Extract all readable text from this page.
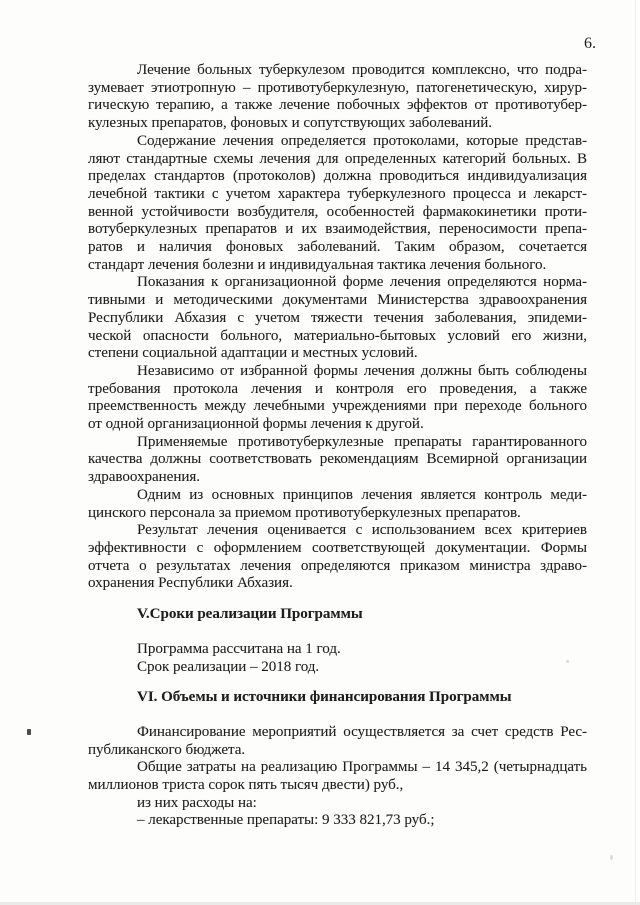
6.
Лечение больных туберкулезом проводится комплексно, что подра-
зумевает этиотропную – противотуберкулезную, патогенетическую, хирур-
гическую терапию, а также лечение побочных эффектов от противотубер-
кулезных препаратов, фоновых и сопутствующих заболеваний.
Содержание лечения определяется протоколами, которые представ-
ляют стандартные схемы лечения для определенных категорий больных. В
пределах стандартов (протоколов) должна проводиться индивидуализация
лечебной тактики с учетом характера туберкулезного процесса и лекарст-
венной устойчивости возбудителя, особенностей фармакокинетики проти-
вотуберкулезных препаратов и их взаимодействия, переносимости препа-
ратов и наличия фоновых заболеваний. Таким образом, сочетается
стандарт лечения болезни и индивидуальная тактика лечения больного.
Показания к организационной форме лечения определяются норма-
тивными и методическими документами Министерства здравоохранения
Республики Абхазия с учетом тяжести течения заболевания, эпидеми-
ческой опасности больного, материально-бытовых условий его жизни,
степени социальной адаптации и местных условий.
Независимо от избранной формы лечения должны быть соблюдены
требования протокола лечения и контроля его проведения, а также
преемственность между лечебными учреждениями при переходе больного
от одной организационной формы лечения к другой.
Применяемые противотуберкулезные препараты гарантированного
качества должны соответствовать рекомендациям Всемирной организации
здравоохранения.
Одним из основных принципов лечения является контроль меди-
цинского персонала за приемом противотуберкулезных препаратов.
Результат лечения оценивается с использованием всех критериев
эффективности с оформлением соответствующей документации. Формы
отчета о результатах лечения определяются приказом министра здраво-
охранения Республики Абхазия.
V.Сроки реализации Программы
Программа рассчитана на 1 год.
Срок реализации – 2018 год.
VI. Объемы и источники финансирования Программы
Финансирование мероприятий осуществляется за счет средств Рес-
публиканского бюджета.
Общие затраты на реализацию Программы – 14 345,2 (четырнадцать
миллионов триста сорок пять тысяч двести) руб.,
из них расходы на:
– лекарственные препараты: 9 333 821,73 руб.;
